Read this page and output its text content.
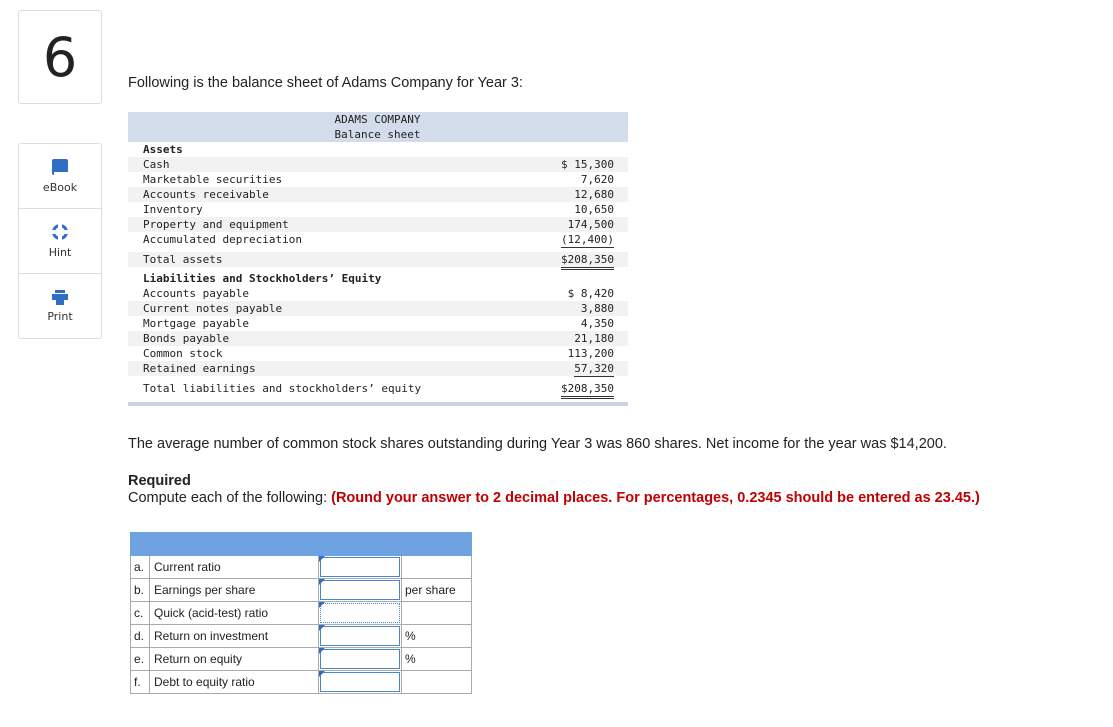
6
eBook
Hint
Print
Following is the balance sheet of Adams Company for Year 3:
ADAMS COMPANY
Balance sheet
Assets
Cash	$ 15,300
Marketable securities	7,620
Accounts receivable	12,680
Inventory	10,650
Property and equipment	174,500
Accumulated depreciation	(12,400)
Total assets	$208,350
Liabilities and Stockholders’ Equity
Accounts payable	$ 8,420
Current notes payable	3,880
Mortgage payable	4,350
Bonds payable	21,180
Common stock	113,200
Retained earnings	57,320
Total liabilities and stockholders’ equity	$208,350
The average number of common stock shares outstanding during Year 3 was 860 shares. Net income for the year was $14,200.
Required
Compute each of the following: (Round your answer to 2 decimal places. For percentages, 0.2345 should be entered as 23.45.)

a.	Current ratio	

b.	Earnings per share		per share
c.	Quick (acid-test) ratio	

d.	Return on investment		%
e.	Return on equity		%
f.	Debt to equity ratio	
